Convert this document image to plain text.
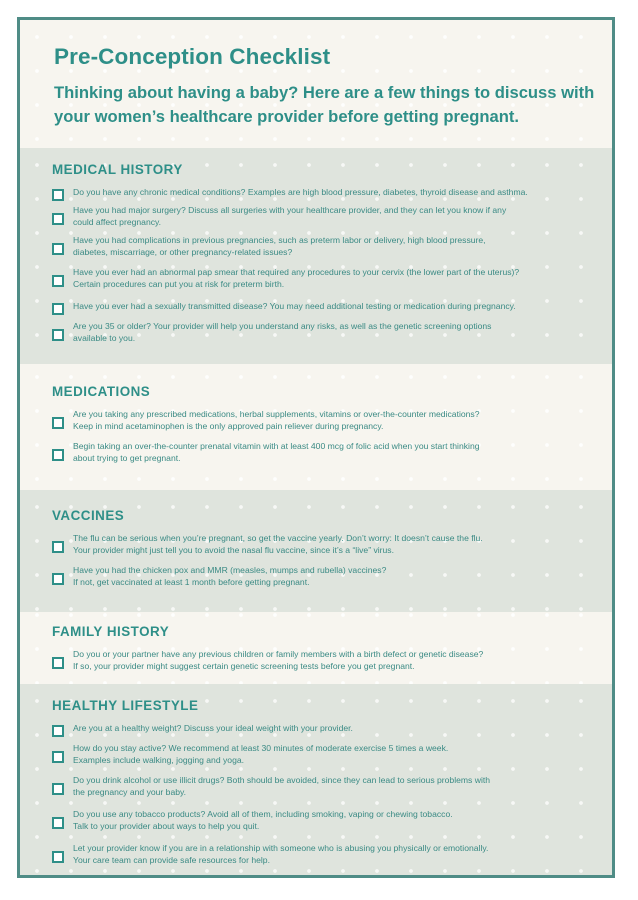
Pre-Conception Checklist

Thinking about having a baby? Here are a few things to discuss with your women’s healthcare provider before getting pregnant.

MEDICAL HISTORY
Do you have any chronic medical conditions? Examples are high blood pressure, diabetes, thyroid disease and asthma.
Have you had major surgery? Discuss all surgeries with your healthcare provider, and they can let you know if any
could affect pregnancy.
Have you had complications in previous pregnancies, such as preterm labor or delivery, high blood pressure,
diabetes, miscarriage, or other pregnancy-related issues?
Have you ever had an abnormal pap smear that required any procedures to your cervix (the lower part of the uterus)?
Certain procedures can put you at risk for preterm birth.
Have you ever had a sexually transmitted disease? You may need additional testing or medication during pregnancy.
Are you 35 or older? Your provider will help you understand any risks, as well as the genetic screening options
available to you.
MEDICATIONS
Are you taking any prescribed medications, herbal supplements, vitamins or over-the-counter medications?
Keep in mind acetaminophen is the only approved pain reliever during pregnancy.
Begin taking an over-the-counter prenatal vitamin with at least 400 mcg of folic acid when you start thinking
about trying to get pregnant.
VACCINES
The flu can be serious when you’re pregnant, so get the vaccine yearly. Don’t worry: It doesn’t cause the flu.
Your provider might just tell you to avoid the nasal flu vaccine, since it’s a “live” virus.
Have you had the chicken pox and MMR (measles, mumps and rubella) vaccines?
If not, get vaccinated at least 1 month before getting pregnant.
FAMILY HISTORY
Do you or your partner have any previous children or family members with a birth defect or genetic disease?
If so, your provider might suggest certain genetic screening tests before you get pregnant.
HEALTHY LIFESTYLE
Are you at a healthy weight? Discuss your ideal weight with your provider.
How do you stay active? We recommend at least 30 minutes of moderate exercise 5 times a week.
Examples include walking, jogging and yoga.
Do you drink alcohol or use illicit drugs? Both should be avoided, since they can lead to serious problems with
the pregnancy and your baby.
Do you use any tobacco products? Avoid all of them, including smoking, vaping or chewing tobacco.
Talk to your provider about ways to help you quit.
Let your provider know if you are in a relationship with someone who is abusing you physically or emotionally.
Your care team can provide safe resources for help.
